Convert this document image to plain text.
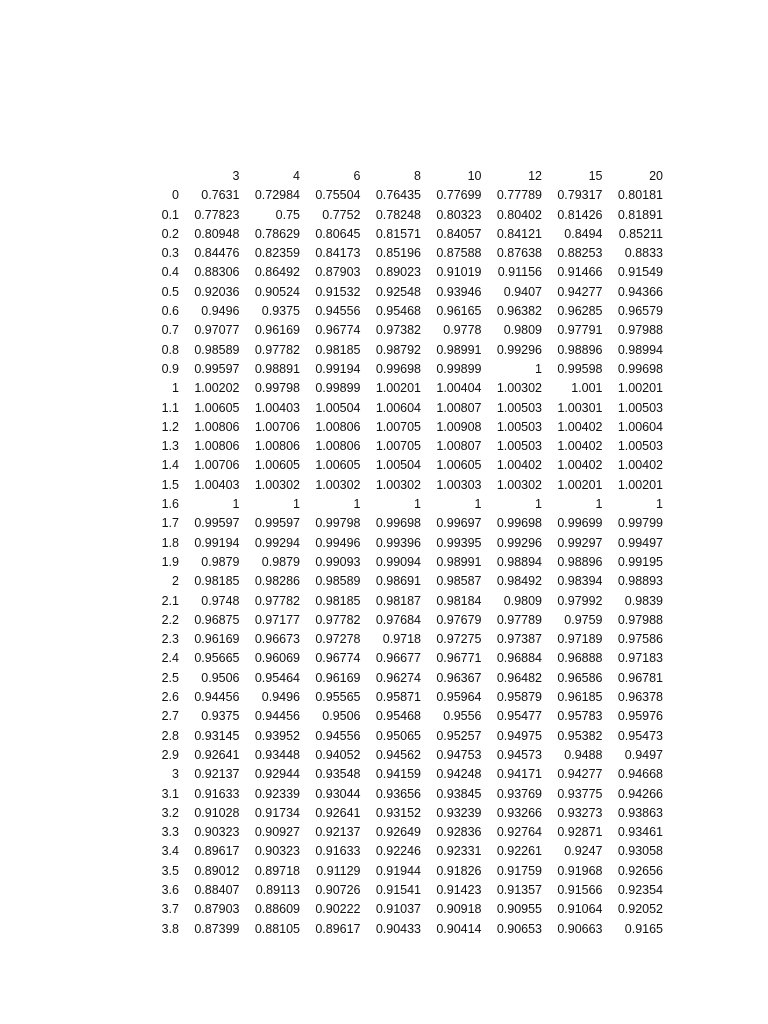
	3	4	6	8	10	12	15	20
0	0.7631	0.72984	0.75504	0.76435	0.77699	0.77789	0.79317	0.80181
0.1	0.77823	0.75	0.7752	0.78248	0.80323	0.80402	0.81426	0.81891
0.2	0.80948	0.78629	0.80645	0.81571	0.84057	0.84121	0.8494	0.85211
0.3	0.84476	0.82359	0.84173	0.85196	0.87588	0.87638	0.88253	0.8833
0.4	0.88306	0.86492	0.87903	0.89023	0.91019	0.91156	0.91466	0.91549
0.5	0.92036	0.90524	0.91532	0.92548	0.93946	0.9407	0.94277	0.94366
0.6	0.9496	0.9375	0.94556	0.95468	0.96165	0.96382	0.96285	0.96579
0.7	0.97077	0.96169	0.96774	0.97382	0.9778	0.9809	0.97791	0.97988
0.8	0.98589	0.97782	0.98185	0.98792	0.98991	0.99296	0.98896	0.98994
0.9	0.99597	0.98891	0.99194	0.99698	0.99899	1	0.99598	0.99698
1	1.00202	0.99798	0.99899	1.00201	1.00404	1.00302	1.001	1.00201
1.1	1.00605	1.00403	1.00504	1.00604	1.00807	1.00503	1.00301	1.00503
1.2	1.00806	1.00706	1.00806	1.00705	1.00908	1.00503	1.00402	1.00604
1.3	1.00806	1.00806	1.00806	1.00705	1.00807	1.00503	1.00402	1.00503
1.4	1.00706	1.00605	1.00605	1.00504	1.00605	1.00402	1.00402	1.00402
1.5	1.00403	1.00302	1.00302	1.00302	1.00303	1.00302	1.00201	1.00201
1.6	1	1	1	1	1	1	1	1
1.7	0.99597	0.99597	0.99798	0.99698	0.99697	0.99698	0.99699	0.99799
1.8	0.99194	0.99294	0.99496	0.99396	0.99395	0.99296	0.99297	0.99497
1.9	0.9879	0.9879	0.99093	0.99094	0.98991	0.98894	0.98896	0.99195
2	0.98185	0.98286	0.98589	0.98691	0.98587	0.98492	0.98394	0.98893
2.1	0.9748	0.97782	0.98185	0.98187	0.98184	0.9809	0.97992	0.9839
2.2	0.96875	0.97177	0.97782	0.97684	0.97679	0.97789	0.9759	0.97988
2.3	0.96169	0.96673	0.97278	0.9718	0.97275	0.97387	0.97189	0.97586
2.4	0.95665	0.96069	0.96774	0.96677	0.96771	0.96884	0.96888	0.97183
2.5	0.9506	0.95464	0.96169	0.96274	0.96367	0.96482	0.96586	0.96781
2.6	0.94456	0.9496	0.95565	0.95871	0.95964	0.95879	0.96185	0.96378
2.7	0.9375	0.94456	0.9506	0.95468	0.9556	0.95477	0.95783	0.95976
2.8	0.93145	0.93952	0.94556	0.95065	0.95257	0.94975	0.95382	0.95473
2.9	0.92641	0.93448	0.94052	0.94562	0.94753	0.94573	0.9488	0.9497
3	0.92137	0.92944	0.93548	0.94159	0.94248	0.94171	0.94277	0.94668
3.1	0.91633	0.92339	0.93044	0.93656	0.93845	0.93769	0.93775	0.94266
3.2	0.91028	0.91734	0.92641	0.93152	0.93239	0.93266	0.93273	0.93863
3.3	0.90323	0.90927	0.92137	0.92649	0.92836	0.92764	0.92871	0.93461
3.4	0.89617	0.90323	0.91633	0.92246	0.92331	0.92261	0.9247	0.93058
3.5	0.89012	0.89718	0.91129	0.91944	0.91826	0.91759	0.91968	0.92656
3.6	0.88407	0.89113	0.90726	0.91541	0.91423	0.91357	0.91566	0.92354
3.7	0.87903	0.88609	0.90222	0.91037	0.90918	0.90955	0.91064	0.92052
3.8	0.87399	0.88105	0.89617	0.90433	0.90414	0.90653	0.90663	0.9165
